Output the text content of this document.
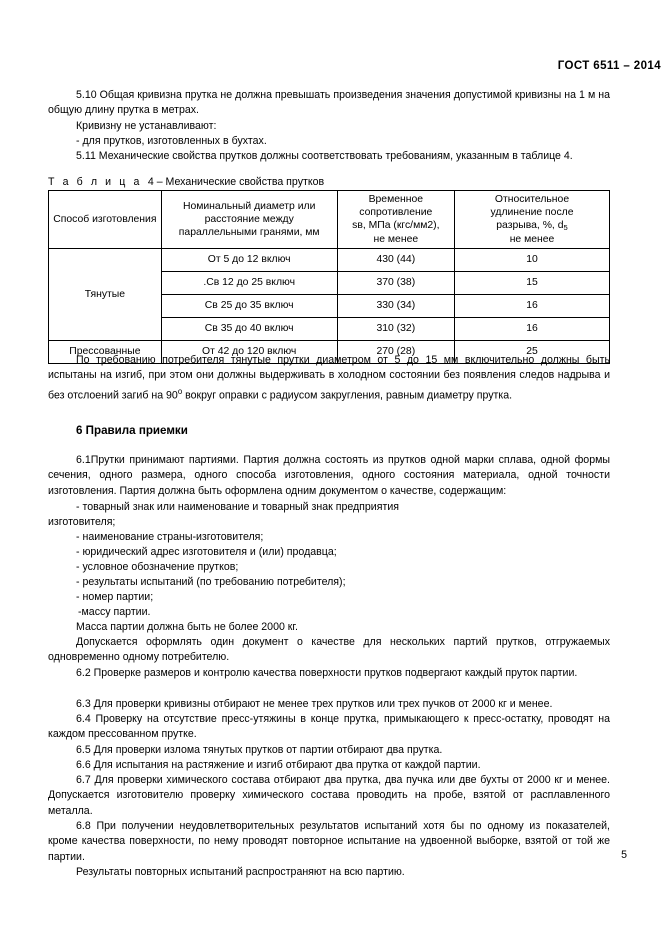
ГОСТ 6511 – 2014
5.10 Общая кривизна прутка не должна превышать произведения значения допустимой кривизны на 1 м на общую длину прутка в метрах.
Кривизну не устанавливают:
- для прутков, изготовленных в бухтах.
5.11 Механические свойства прутков должны соответствовать требованиям, указанным в таблице 4.
Т а б л и ц а 4 – Механические свойства прутков
Способ изготовления	Номинальный диаметр или расстояние между параллельными гранями, мм	Временное
сопротивление
sв, МПа (кгс/мм2),
не менее	Относительное
удлинение после
разрыва, %, $d_5$
не менее
Тянутые	От 5 до 12 включ	430 (44)	10
	.Св 12 до 25 включ	370 (38)	15
	Св 25 до 35 включ	330 (34)	16
	Св 35 до 40 включ	310 (32)	16
Прессованные	От 42 до 120 включ	270 (28)	25
По требованию потребителя тянутые прутки диаметром от 5 до 15 мм включительно должны быть испытаны на изгиб, при этом они должны выдерживать в холодном состоянии без появления следов надрыва и без отслоений загиб на $90^о$ вокруг оправки с радиусом закругления, равным диаметру прутка.
6 Правила приемки
6.1Прутки принимают партиями. Партия должна состоять из прутков одной марки сплава, одной формы сечения, одного размера, одного способа изготовления, одного состояния материала, одной точности изготовления. Партия должна быть оформлена одним документом о качестве, содержащим:
- товарный знак или наименование и товарный знак предприятия
изготовителя;
- наименование страны-изготовителя;
- юридический адрес изготовителя и (или) продавца;
- условное обозначение прутков;
- результаты испытаний (по требованию потребителя);
- номер партии;
-массу партии.
Масса партии должна быть не более 2000 кг.
Допускается оформлять один документ о качестве для нескольких партий прутков, отгружаемых одновременно одному потребителю.
6.2 Проверке размеров и контролю качества поверхности прутков подвергают каждый пруток партии.
6.3 Для проверки кривизны отбирают не менее трех прутков или трех пучков от 2000 кг и менее.
6.4 Проверку на отсутствие пресс-утяжины в конце прутка, примыкающего к пресс-остатку, проводят на каждом прессованном прутке.
6.5 Для проверки излома тянутых прутков от партии отбирают два прутка.
6.6 Для испытания на растяжение и изгиб отбирают два прутка от каждой партии.
6.7 Для проверки химического состава отбирают два прутка, два пучка или две бухты от 2000 кг и менее. Допускается изготовителю проверку химического состава проводить на пробе, взятой от расплавленного металла.
6.8 При получении неудовлетворительных результатов испытаний хотя бы по одному из показателей, кроме качества поверхности, по нему проводят повторное испытание на удвоенной выборке, взятой от той же партии.
Результаты повторных испытаний распространяют на всю партию.
5
